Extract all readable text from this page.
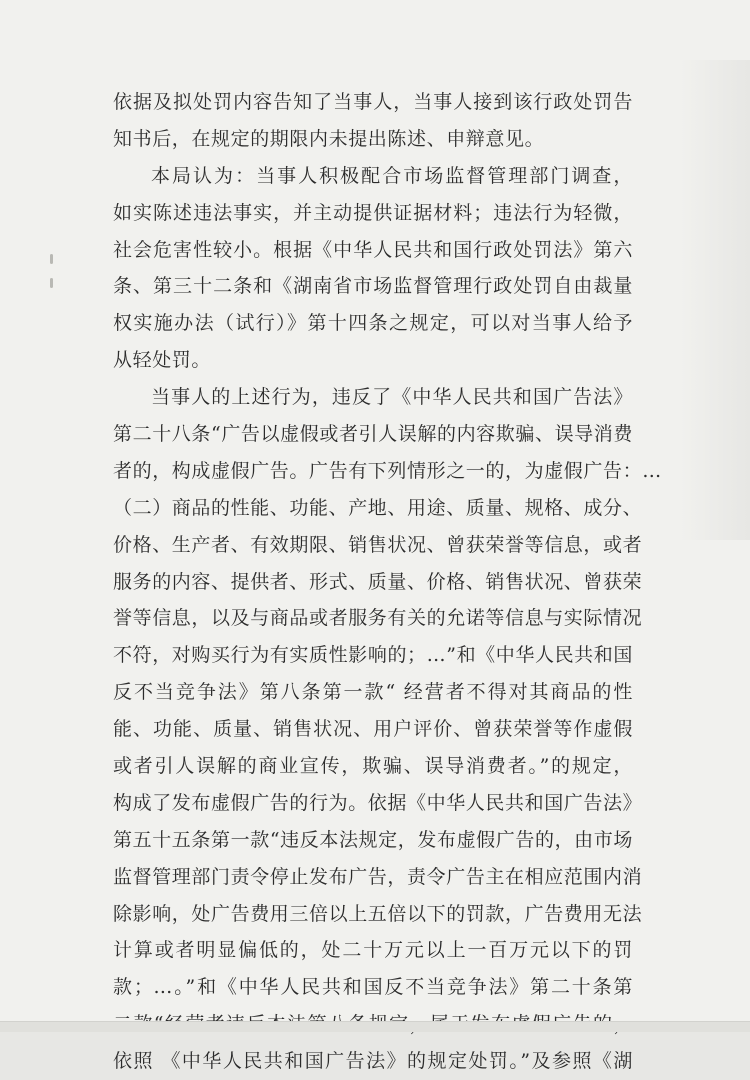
依据及拟处罚内容告知了当事人，当事人接到该行政处罚告
知书后，在规定的期限内未提出陈述、申辩意见。
本局认为：当事人积极配合市场监督管理部门调查，
如实陈述违法事实，并主动提供证据材料；违法行为轻微，
社会危害性较小。根据《中华人民共和国行政处罚法》第六
条、第三十二条和《湖南省市场监督管理行政处罚自由裁量
权实施办法（试行）》第十四条之规定，可以对当事人给予
从轻处罚。
当事人的上述行为，违反了《中华人民共和国广告法》
第二十八条“广告以虚假或者引人误解的内容欺骗、误导消费
者的，构成虚假广告。广告有下列情形之一的，为虚假广告：…
（二）商品的性能、功能、产地、用途、质量、规格、成分、
价格、生产者、有效期限、销售状况、曾获荣誉等信息，或者
服务的内容、提供者、形式、质量、价格、销售状况、曾获荣
誉等信息，以及与商品或者服务有关的允诺等信息与实际情况
不符，对购买行为有实质性影响的；…”和《中华人民共和国
反不当竞争法》第八条第一款“ 经营者不得对其商品的性
能、功能、质量、销售状况、用户评价、曾获荣誉等作虚假
或者引人误解的商业宣传，欺骗、误导消费者。”的规定，
构成了发布虚假广告的行为。依据《中华人民共和国广告法》
第五十五条第一款“违反本法规定，发布虚假广告的，由市场
监督管理部门责令停止发布广告，责令广告主在相应范围内消
除影响，处广告费用三倍以上五倍以下的罚款，广告费用无法
计算或者明显偏低的，处二十万元以上一百万元以下的罚
款；…。”和《中华人民共和国反不当竞争法》第二十条第
依照 《中华人民共和国广告法》的规定处罚。”及参照《湖
